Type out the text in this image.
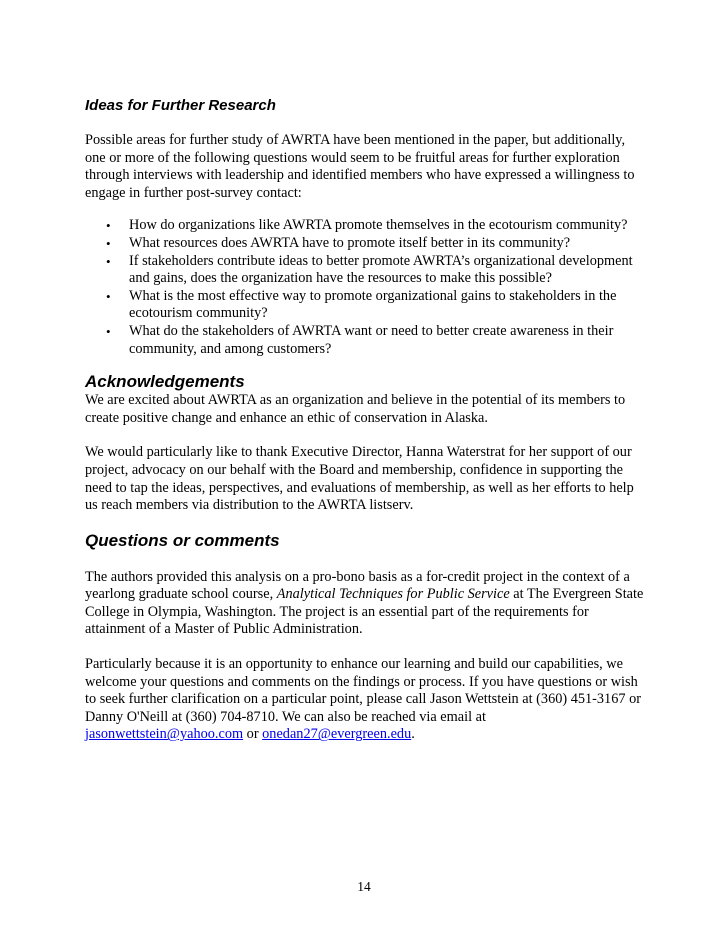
Ideas for Further Research

Possible areas for further study of AWRTA have been mentioned in the paper, but additionally, one or more of the following questions would seem to be fruitful areas for further exploration through interviews with leadership and identified members who have expressed a willingness to engage in further post-survey contact:

• How do organizations like AWRTA promote themselves in the ecotourism community?
• What resources does AWRTA have to promote itself better in its community?
• If stakeholders contribute ideas to better promote AWRTA’s organizational development and gains, does the organization have the resources to make this possible?
• What is the most effective way to promote organizational gains to stakeholders in the ecotourism community?
• What do the stakeholders of AWRTA want or need to better create awareness in their community, and among customers?
Acknowledgements

We are excited about AWRTA as an organization and believe in the potential of its members to create positive change and enhance an ethic of conservation in Alaska.

We would particularly like to thank Executive Director, Hanna Waterstrat for her support of our project, advocacy on our behalf with the Board and membership, confidence in supporting the need to tap the ideas, perspectives, and evaluations of membership, as well as her efforts to help us reach members via distribution to the AWRTA listserv.

Questions or comments

The authors provided this analysis on a pro-bono basis as a for-credit project in the context of a yearlong graduate school course, Analytical Techniques for Public Service at The Evergreen State College in Olympia, Washington. The project is an essential part of the requirements for attainment of a Master of Public Administration.

Particularly because it is an opportunity to enhance our learning and build our capabilities, we welcome your questions and comments on the findings or process. If you have questions or wish to seek further clarification on a particular point, please call Jason Wettstein at (360) 451-3167 or Danny O'Neill at (360) 704-8710. We can also be reached via email at jasonwettstein@yahoo.com or onedan27@evergreen.edu.

14
